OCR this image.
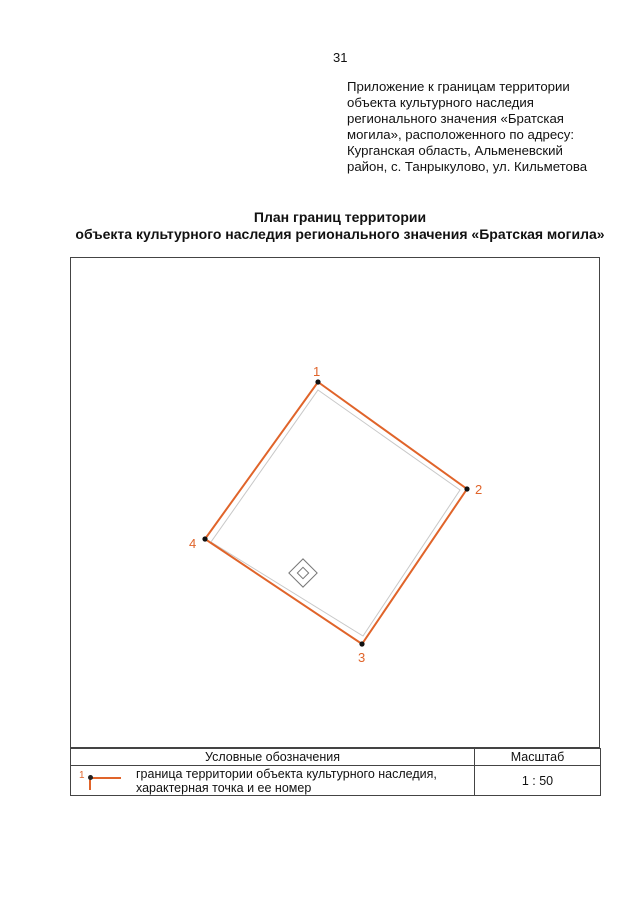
31
Приложение к границам территории
объекта культурного наследия
регионального значения «Братская
могила», расположенного по адресу:
Курганская область, Альменевский
район, с. Танрыкулово, ул. Кильметова
План границ территории
объекта культурного наследия регионального значения «Братская могила»
1
2
3
4
Условные обозначения	Масштаб

1 граница территории объекта культурного наследия,
характерная точка и ее номер	1 : 50
